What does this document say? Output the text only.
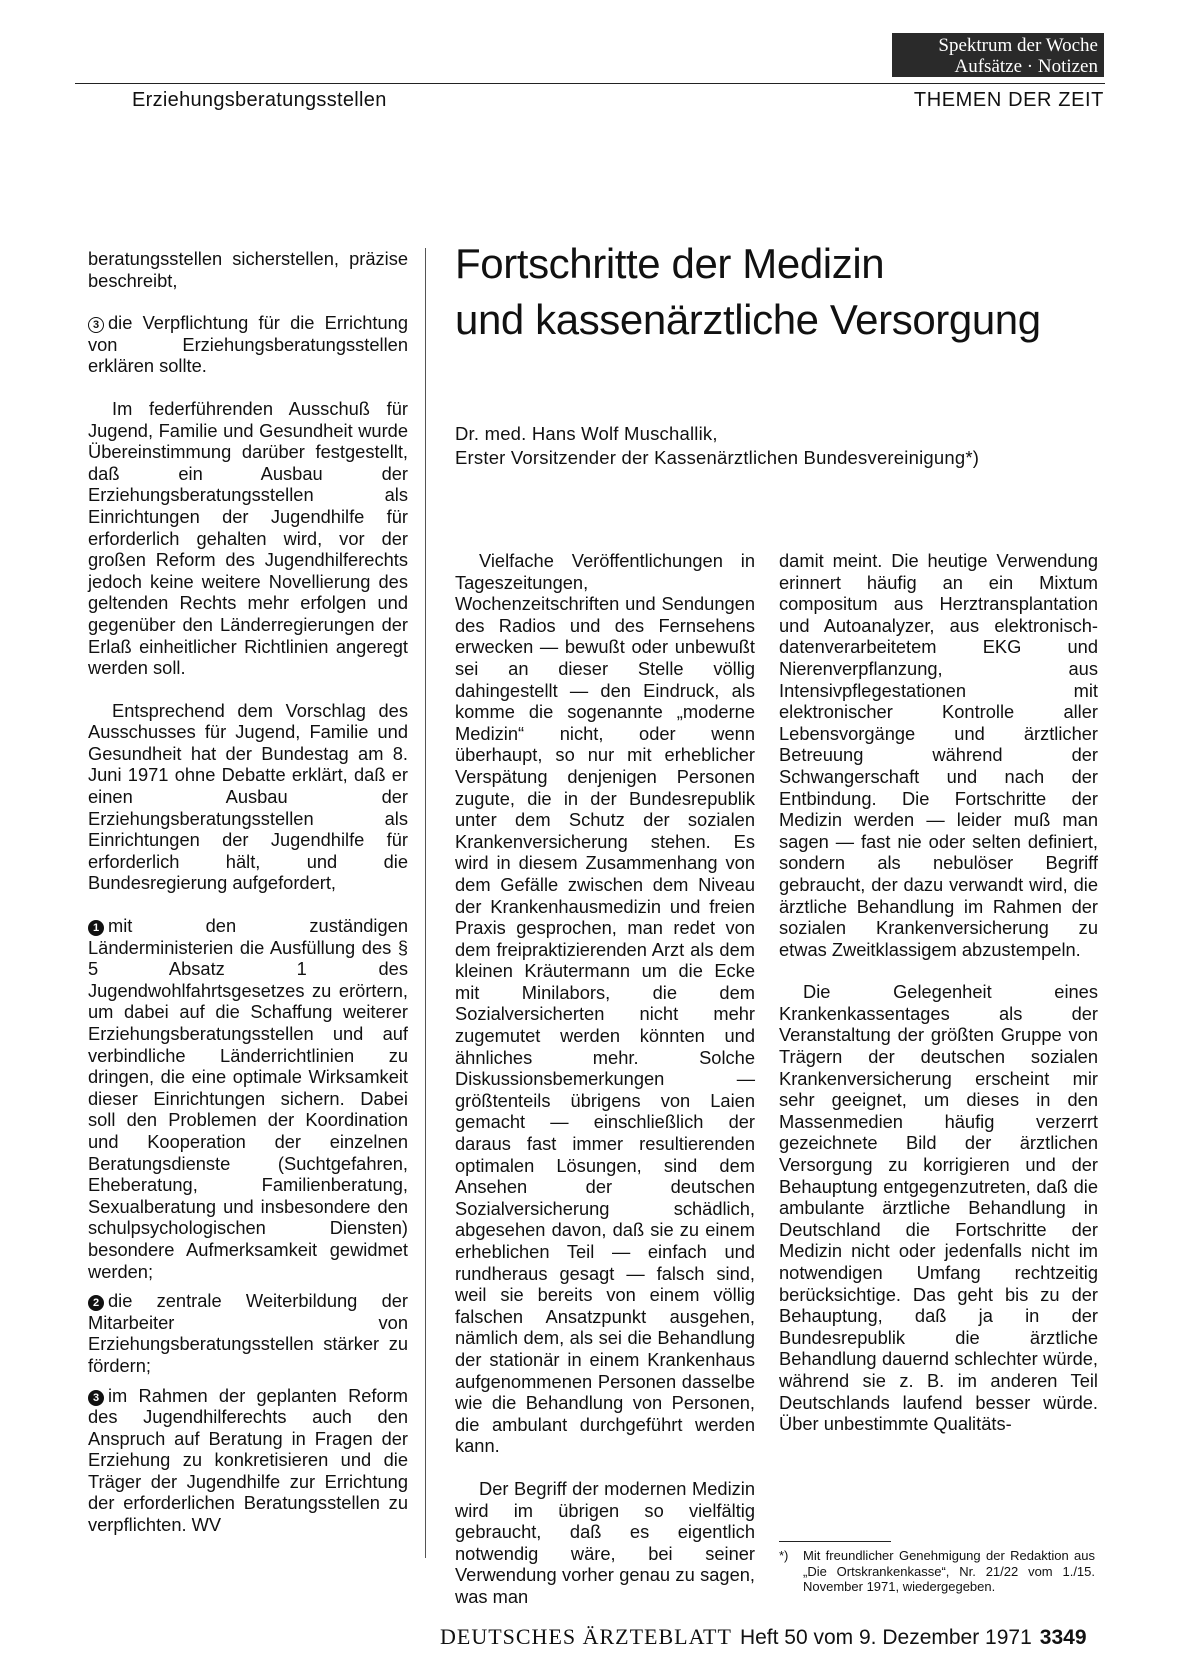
Spektrum der Woche
Aufsätze · Notizen
Erziehungsberatungsstellen	THEMEN DER ZEIT

beratungsstellen sicherstellen, präzise beschreibt,

3 die Verpflichtung für die Errichtung von Erziehungsberatungsstellen erklären sollte.

Im federführenden Ausschuß für Jugend, Familie und Gesundheit wurde Übereinstimmung darüber festgestellt, daß ein Ausbau der Erziehungsberatungsstellen als Einrichtungen der Jugendhilfe für erforderlich gehalten wird, vor der großen Reform des Jugendhilferechts jedoch keine weitere Novellierung des geltenden Rechts mehr erfolgen und gegenüber den Länderregierungen der Erlaß einheitlicher Richtlinien angeregt werden soll.

Entsprechend dem Vorschlag des Ausschusses für Jugend, Familie und Gesundheit hat der Bundestag am 8. Juni 1971 ohne Debatte erklärt, daß er einen Ausbau der Erziehungsberatungsstellen als Einrichtungen der Jugendhilfe für erforderlich hält, und die Bundesregierung aufgefordert,

1 mit den zuständigen Länderministerien die Ausfüllung des § 5 Absatz 1 des Jugendwohlfahrtsgesetzes zu erörtern, um dabei auf die Schaffung weiterer Erziehungsberatungsstellen und auf verbindliche Länderrichtlinien zu dringen, die eine optimale Wirksamkeit dieser Einrichtungen sichern. Dabei soll den Problemen der Koordination und Kooperation der einzelnen Beratungsdienste (Suchtgefahren, Eheberatung, Familienberatung, Sexualberatung und insbesondere den schulpsychologischen Diensten) besondere Aufmerksamkeit gewidmet werden;

2 die zentrale Weiterbildung der Mitarbeiter von Erziehungsberatungsstellen stärker zu fördern;

3 im Rahmen der geplanten Reform des Jugendhilferechts auch den Anspruch auf Beratung in Fragen der Erziehung zu konkretisieren und die Träger der Jugendhilfe zur Errichtung der erforderlichen Beratungsstellen zu verpflichten. WV

Fortschritte der Medizin
und kassenärztliche Versorgung
Dr. med. Hans Wolf Muschallik,
Erster Vorsitzender der Kassenärztlichen Bundesvereinigung*)

Vielfache Veröffentlichungen in Tageszeitungen, Wochenzeitschriften und Sendungen des Radios und des Fernsehens erwecken — bewußt oder unbewußt sei an dieser Stelle völlig dahingestellt — den Eindruck, als komme die sogenannte „moderne Medizin“ nicht, oder wenn überhaupt, so nur mit erheblicher Verspätung denjenigen Personen zugute, die in der Bundesrepublik unter dem Schutz der sozialen Krankenversicherung stehen. Es wird in diesem Zusammenhang von dem Gefälle zwischen dem Niveau der Krankenhausmedizin und freien Praxis gesprochen, man redet von dem freipraktizierenden Arzt als dem kleinen Kräutermann um die Ecke mit Minilabors, die dem Sozialversicherten nicht mehr zugemutet werden könnten und ähnliches mehr. Solche Diskussionsbemerkungen — größtenteils übrigens von Laien gemacht — einschließlich der daraus fast immer resultierenden optimalen Lösungen, sind dem Ansehen der deutschen Sozialversicherung schädlich, abgesehen davon, daß sie zu einem erheblichen Teil — einfach und rundheraus gesagt — falsch sind, weil sie bereits von einem völlig falschen Ansatzpunkt ausgehen, nämlich dem, als sei die Behandlung der stationär in einem Krankenhaus aufgenommenen Personen dasselbe wie die Behandlung von Personen, die ambulant durchgeführt werden kann.

Der Begriff der modernen Medizin wird im übrigen so vielfältig gebraucht, daß es eigentlich notwendig wäre, bei seiner Verwendung vorher genau zu sagen, was man

damit meint. Die heutige Verwendung erinnert häufig an ein Mixtum compositum aus Herztransplantation und Autoanalyzer, aus elektronisch-datenverarbeitetem EKG und Nierenverpflanzung, aus Intensivpflegestationen mit elektronischer Kontrolle aller Lebensvorgänge und ärztlicher Betreuung während der Schwangerschaft und nach der Entbindung. Die Fortschritte der Medizin werden — leider muß man sagen — fast nie oder selten definiert, sondern als nebulöser Begriff gebraucht, der dazu verwandt wird, die ärztliche Behandlung im Rahmen der sozialen Krankenversicherung zu etwas Zweitklassigem abzustempeln.

Die Gelegenheit eines Krankenkassentages als der Veranstaltung der größten Gruppe von Trägern der deutschen sozialen Krankenversicherung erscheint mir sehr geeignet, um dieses in den Massenmedien häufig verzerrt gezeichnete Bild der ärztlichen Versorgung zu korrigieren und der Behauptung entgegenzutreten, daß die ambulante ärztliche Behandlung in Deutschland die Fortschritte der Medizin nicht oder jedenfalls nicht im notwendigen Umfang rechtzeitig berücksichtige. Das geht bis zu der Behauptung, daß ja in der Bundesrepublik die ärztliche Behandlung dauernd schlechter würde, während sie z. B. im anderen Teil Deutschlands laufend besser würde. Über unbestimmte Qualitäts-

*)	Mit freundlicher Genehmigung der Redaktion aus „Die Ortskrankenkasse“, Nr. 21/22 vom 1./15. November 1971, wiedergegeben.
DEUTSCHES ÄRZTEBLATT Heft 50 vom 9. Dezember 1971 3349
